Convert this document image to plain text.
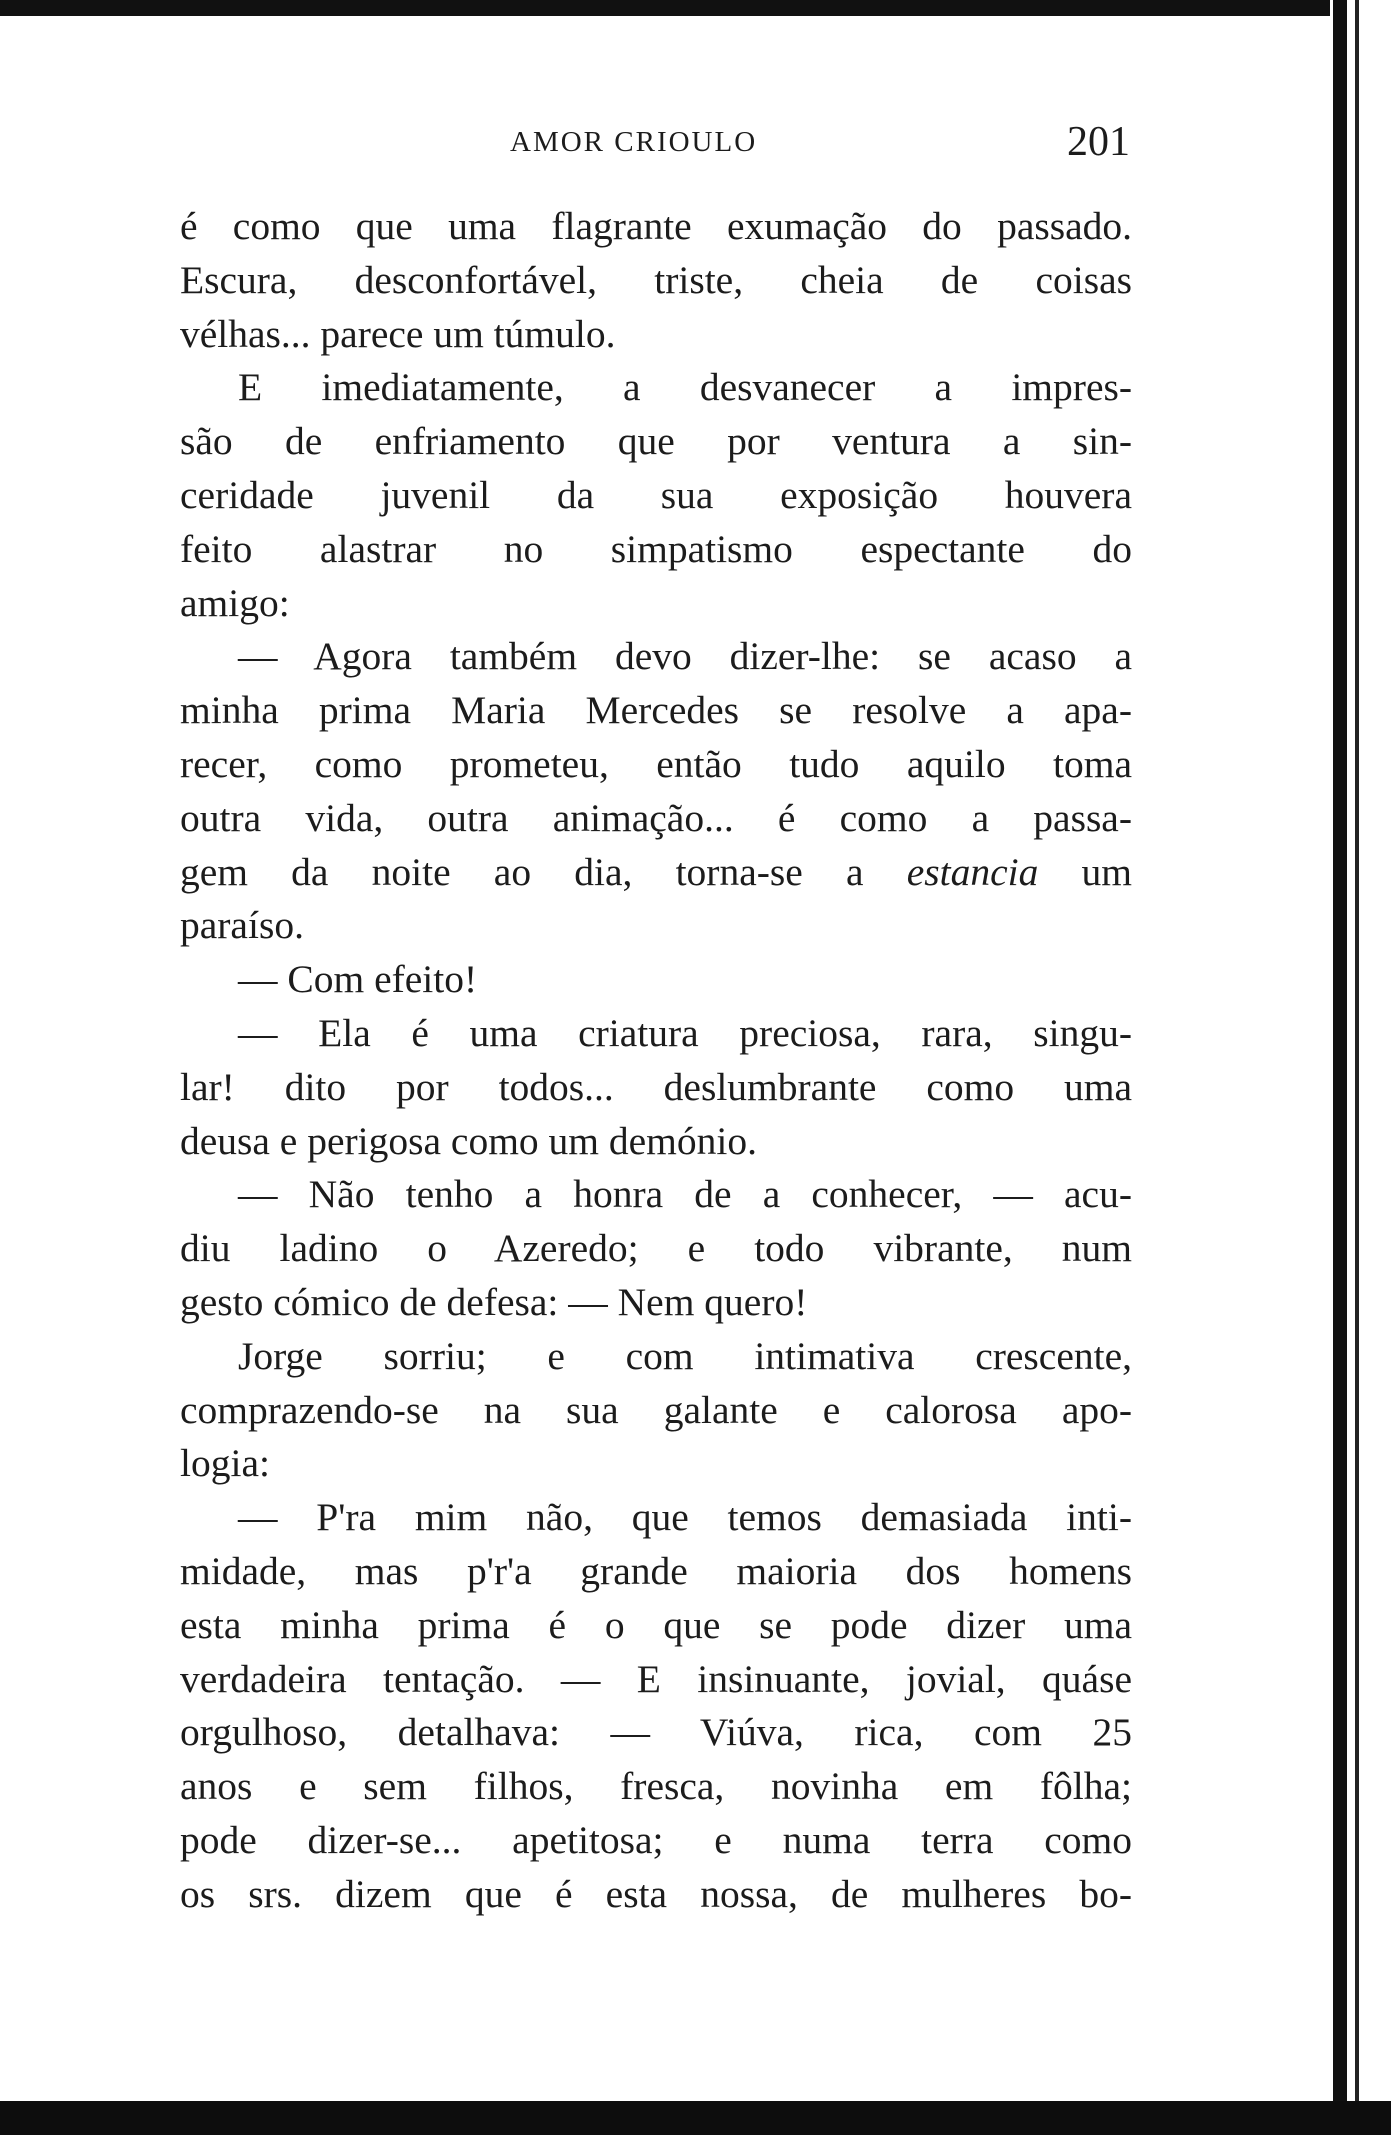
AMOR CRIOULO	201
é como que uma flagrante exumação do passado.
Escura, desconfortável, triste, cheia de coisas
vélhas... parece um túmulo.
E imediatamente, a desvanecer a impres-
são de enfriamento que por ventura a sin-
ceridade juvenil da sua exposição houvera
feito alastrar no simpatismo espectante do
amigo:
— Agora também devo dizer-lhe: se acaso a
minha prima Maria Mercedes se resolve a apa-
recer, como prometeu, então tudo aquilo toma
outra vida, outra animação... é como a passa-
gem da noite ao dia, torna-se a estancia um
paraíso.
— Com efeito!
— Ela é uma criatura preciosa, rara, singu-
lar! dito por todos... deslumbrante como uma
deusa e perigosa como um demónio.
— Não tenho a honra de a conhecer, — acu-
diu ladino o Azeredo; e todo vibrante, num
gesto cómico de defesa: — Nem quero!
Jorge sorriu; e com intimativa crescente,
comprazendo-se na sua galante e calorosa apo-
logia:
— P'ra mim não, que temos demasiada inti-
midade, mas p'r'a grande maioria dos homens
esta minha prima é o que se pode dizer uma
verdadeira tentação. — E insinuante, jovial, quáse
orgulhoso, detalhava: — Viúva, rica, com 25
anos e sem filhos, fresca, novinha em fôlha;
pode dizer-se... apetitosa; e numa terra como
os srs. dizem que é esta nossa, de mulheres bo-
